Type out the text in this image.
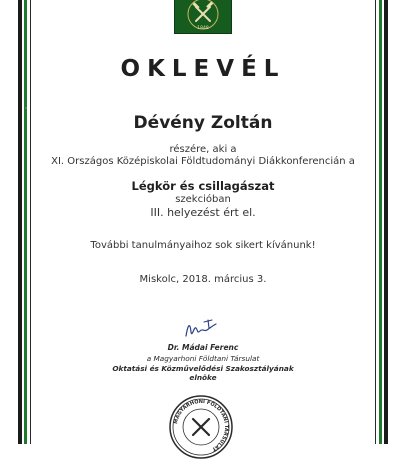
1848
OKLEVÉL
Dévény Zoltán
részére, aki a
XI. Országos Középiskolai Földtudományi Diákkonferencián a
Légkör és csillagászat
szekcióban
III. helyezést ért el.
További tanulmányaihoz sok sikert kívánunk!
Miskolc, 2018. március 3.
Dr. Mádai Ferenc
a Magyarhoni Földtani Társulat
Oktatási és Közművelődési Szakosztályának
elnöke
MAGYARHONI FÖLDTANI TÁRSULAT
